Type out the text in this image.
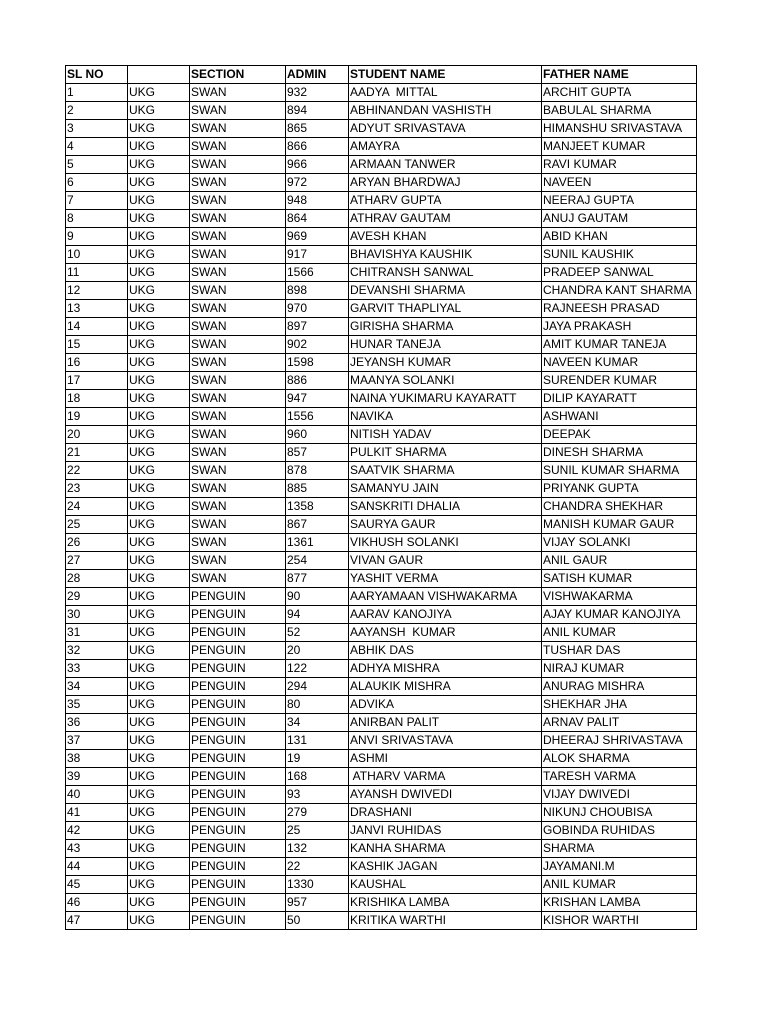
SL NO		SECTION	ADMIN	STUDENT NAME	FATHER NAME
1	UKG	SWAN	932	AADYA  MITTAL	ARCHIT GUPTA
2	UKG	SWAN	894	ABHINANDAN VASHISTH	BABULAL SHARMA
3	UKG	SWAN	865	ADYUT SRIVASTAVA	HIMANSHU SRIVASTAVA
4	UKG	SWAN	866	AMAYRA	MANJEET KUMAR
5	UKG	SWAN	966	ARMAAN TANWER	RAVI KUMAR
6	UKG	SWAN	972	ARYAN BHARDWAJ	NAVEEN
7	UKG	SWAN	948	ATHARV GUPTA	NEERAJ GUPTA
8	UKG	SWAN	864	ATHRAV GAUTAM	ANUJ GAUTAM
9	UKG	SWAN	969	AVESH KHAN	ABID KHAN
10	UKG	SWAN	917	BHAVISHYA KAUSHIK	SUNIL KAUSHIK
11	UKG	SWAN	1566	CHITRANSH SANWAL	PRADEEP SANWAL
12	UKG	SWAN	898	DEVANSHI SHARMA	CHANDRA KANT SHARMA
13	UKG	SWAN	970	GARVIT THAPLIYAL	RAJNEESH PRASAD
14	UKG	SWAN	897	GIRISHA SHARMA	JAYA PRAKASH
15	UKG	SWAN	902	HUNAR TANEJA	AMIT KUMAR TANEJA
16	UKG	SWAN	1598	JEYANSH KUMAR	NAVEEN KUMAR
17	UKG	SWAN	886	MAANYA SOLANKI	SURENDER KUMAR
18	UKG	SWAN	947	NAINA YUKIMARU KAYARATT	DILIP KAYARATT
19	UKG	SWAN	1556	NAVIKA	ASHWANI
20	UKG	SWAN	960	NITISH YADAV	DEEPAK
21	UKG	SWAN	857	PULKIT SHARMA	DINESH SHARMA
22	UKG	SWAN	878	SAATVIK SHARMA	SUNIL KUMAR SHARMA
23	UKG	SWAN	885	SAMANYU JAIN	PRIYANK GUPTA
24	UKG	SWAN	1358	SANSKRITI DHALIA	CHANDRA SHEKHAR
25	UKG	SWAN	867	SAURYA GAUR	MANISH KUMAR GAUR
26	UKG	SWAN	1361	VIKHUSH SOLANKI	VIJAY SOLANKI
27	UKG	SWAN	254	VIVAN GAUR	ANIL GAUR
28	UKG	SWAN	877	YASHIT VERMA	SATISH KUMAR
29	UKG	PENGUIN	90	AARYAMAAN VISHWAKARMA	VISHWAKARMA
30	UKG	PENGUIN	94	AARAV KANOJIYA	AJAY KUMAR KANOJIYA
31	UKG	PENGUIN	52	AAYANSH  KUMAR	ANIL KUMAR
32	UKG	PENGUIN	20	ABHIK DAS	TUSHAR DAS
33	UKG	PENGUIN	122	ADHYA MISHRA	NIRAJ KUMAR
34	UKG	PENGUIN	294	ALAUKIK MISHRA	ANURAG MISHRA
35	UKG	PENGUIN	80	ADVIKA	SHEKHAR JHA
36	UKG	PENGUIN	34	ANIRBAN PALIT	ARNAV PALIT
37	UKG	PENGUIN	131	ANVI SRIVASTAVA	DHEERAJ SHRIVASTAVA
38	UKG	PENGUIN	19	ASHMI	ALOK SHARMA
39	UKG	PENGUIN	168	ATHARV VARMA	TARESH VARMA
40	UKG	PENGUIN	93	AYANSH DWIVEDI	VIJAY DWIVEDI
41	UKG	PENGUIN	279	DRASHANI	NIKUNJ CHOUBISA
42	UKG	PENGUIN	25	JANVI RUHIDAS	GOBINDA RUHIDAS
43	UKG	PENGUIN	132	KANHA SHARMA	SHARMA
44	UKG	PENGUIN	22	KASHIK JAGAN	JAYAMANI.M
45	UKG	PENGUIN	1330	KAUSHAL	ANIL KUMAR
46	UKG	PENGUIN	957	KRISHIKA LAMBA	KRISHAN LAMBA
47	UKG	PENGUIN	50	KRITIKA WARTHI	KISHOR WARTHI
